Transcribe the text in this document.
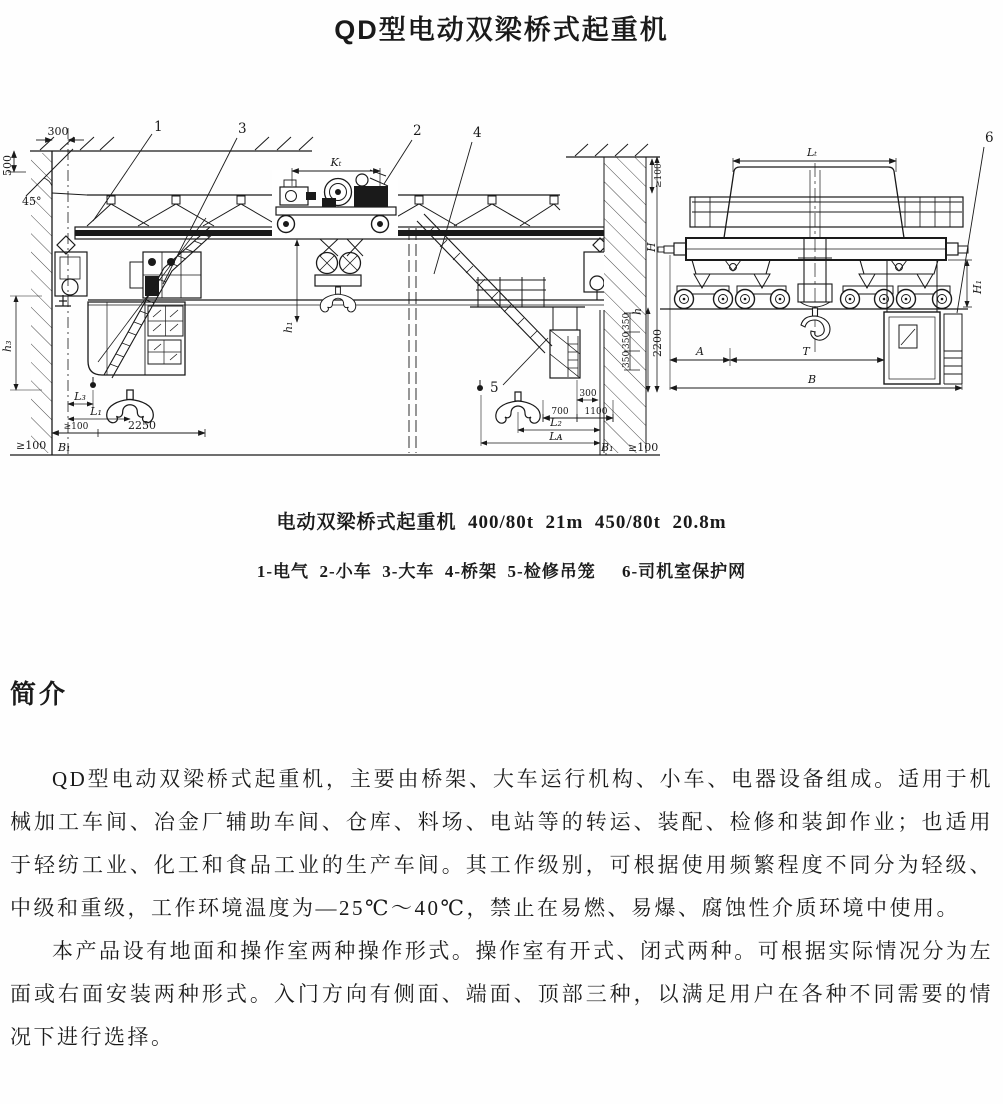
QD型电动双梁桥式起重机
300
500
45°
Kₜ
h₁
≥100
H
h
350
350
350
2200
h₃
L₃
L₁
≥100	2250
B₁
≥100
300
700 1100
L₂
Lᴀ
B₁ ≥100
1	2
3	4
5
Lₜ
H₁
A	T
B
6
电动双梁桥式起重机  400/80t  21m  450/80t  20.8m
1-电气  2-小车  3-大车  4-桥架  5-检修吊笼     6-司机室保护网
简介

QD型电动双梁桥式起重机，主要由桥架、大车运行机构、小车、电器设备组成。适用于机械加工车间、冶金厂辅助车间、仓库、料场、电站等的转运、装配、检修和装卸作业；也适用于轻纺工业、化工和食品工业的生产车间。其工作级别，可根据使用频繁程度不同分为轻级、中级和重级，工作环境温度为—25℃～40℃，禁止在易燃、易爆、腐蚀性介质环境中使用。

本产品设有地面和操作室两种操作形式。操作室有开式、闭式两种。可根据实际情况分为左面或右面安装两种形式。入门方向有侧面、端面、顶部三种，以满足用户在各种不同需要的情况下进行选择。
